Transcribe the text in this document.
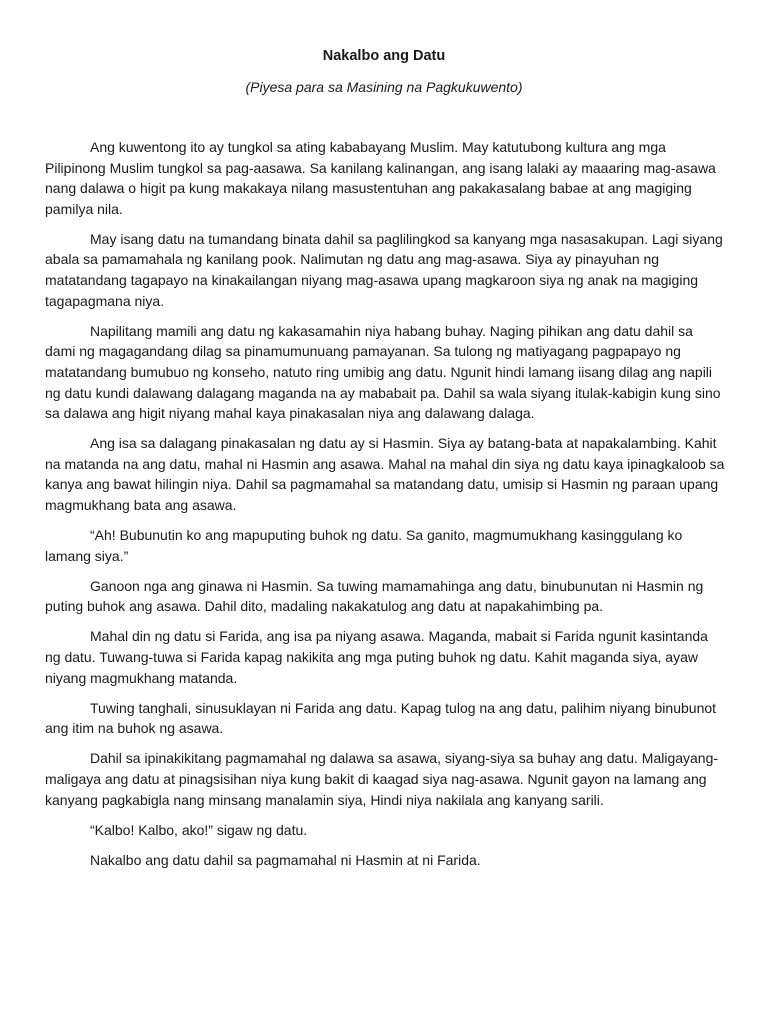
Nakalbo ang Datu
(Piyesa para sa Masining na Pagkukuwento)

Ang kuwentong ito ay tungkol sa ating kababayang Muslim. May katutubong kultura ang mga Pilipinong Muslim tungkol sa pag-aasawa. Sa kanilang kalinangan, ang isang lalaki ay maaaring mag-asawa nang dalawa o higit pa kung makakaya nilang masustentuhan ang pakakasalang babae at ang magiging pamilya nila.

May isang datu na tumandang binata dahil sa paglilingkod sa kanyang mga nasasakupan. Lagi siyang abala sa pamamahala ng kanilang pook. Nalimutan ng datu ang mag-asawa. Siya ay pinayuhan ng matatandang tagapayo na kinakailangan niyang mag-asawa upang magkaroon siya ng anak na magiging tagapagmana niya.

Napilitang mamili ang datu ng kakasamahin niya habang buhay. Naging pihikan ang datu dahil sa dami ng magagandang dilag sa pinamumunuang pamayanan. Sa tulong ng matiyagang pagpapayo ng matatandang bumubuo ng konseho, natuto ring umibig ang datu. Ngunit hindi lamang iisang dilag ang napili ng datu kundi dalawang dalagang maganda na ay mababait pa. Dahil sa wala siyang itulak-kabigin kung sino sa dalawa ang higit niyang mahal kaya pinakasalan niya ang dalawang dalaga.

Ang isa sa dalagang pinakasalan ng datu ay si Hasmin. Siya ay batang-bata at napakalambing. Kahit na matanda na ang datu, mahal ni Hasmin ang asawa. Mahal na mahal din siya ng datu kaya ipinagkaloob sa kanya ang bawat hilingin niya. Dahil sa pagmamahal sa matandang datu, umisip si Hasmin ng paraan upang magmukhang bata ang asawa.

“Ah! Bubunutin ko ang mapuputing buhok ng datu. Sa ganito, magmumukhang kasinggulang ko lamang siya.”

Ganoon nga ang ginawa ni Hasmin. Sa tuwing mamamahinga ang datu, binubunutan ni Hasmin ng puting buhok ang asawa. Dahil dito, madaling nakakatulog ang datu at napakahimbing pa.

Mahal din ng datu si Farida, ang isa pa niyang asawa. Maganda, mabait si Farida ngunit kasintanda ng datu. Tuwang-tuwa si Farida kapag nakikita ang mga puting buhok ng datu. Kahit maganda siya, ayaw niyang magmukhang matanda.

Tuwing tanghali, sinusuklayan ni Farida ang datu. Kapag tulog na ang datu, palihim niyang binubunot ang itim na buhok ng asawa.

Dahil sa ipinakikitang pagmamahal ng dalawa sa asawa, siyang-siya sa buhay ang datu. Maligayang-maligaya ang datu at pinagsisihan niya kung bakit di kaagad siya nag-asawa. Ngunit gayon na lamang ang kanyang pagkabigla nang minsang manalamin siya, Hindi niya nakilala ang kanyang sarili.

“Kalbo! Kalbo, ako!” sigaw ng datu.

Nakalbo ang datu dahil sa pagmamahal ni Hasmin at ni Farida.
